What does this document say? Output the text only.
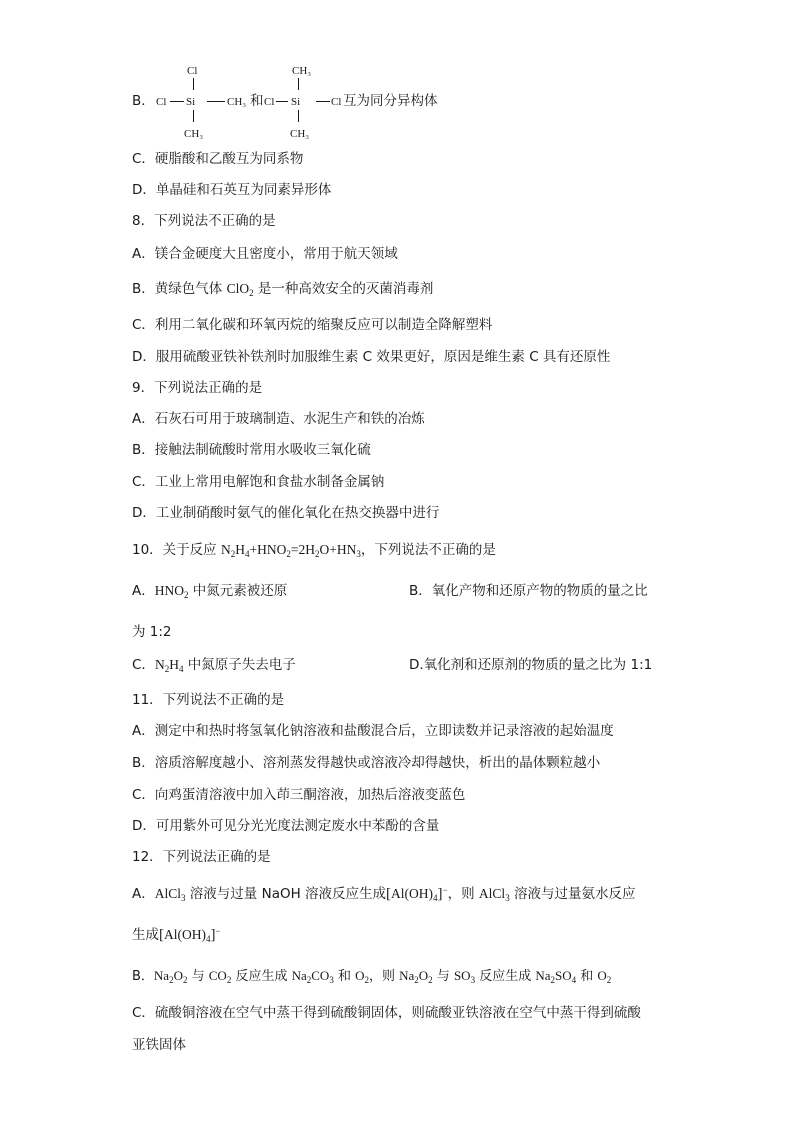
B．
Cl
Cl Si	CH₃
CH₃
和 Cl
CH₃
Si
CH₃
Cl 互为同分异构体
C．硬脂酸和乙酸互为同系物
D．单晶硅和石英互为同素异形体
8．下列说法不正确的是
A．镁合金硬度大且密度小，常用于航天领域
B．黄绿色气体 ClO$_2$ 是一种高效安全的灭菌消毒剂
C．利用二氧化碳和环氧丙烷的缩聚反应可以制造全降解塑料
D．服用硫酸亚铁补铁剂时加服维生素 C 效果更好，原因是维生素 C 具有还原性
9．下列说法正确的是
A．石灰石可用于玻璃制造、水泥生产和铁的冶炼
B．接触法制硫酸时常用水吸收三氧化硫
C．工业上常用电解饱和食盐水制备金属钠
D．工业制硝酸时氨气的催化氧化在热交换器中进行
10．关于反应 $N_2H_4+HNO_2=2H_2O+HN_3$，下列说法不正确的是
A．$HNO_2$ 中氮元素被还原	B．氧化产物和还原产物的物质的量之比
为 1:2
C．$N_2H_4$ 中氮原子失去电子	D.氧化剂和还原剂的物质的量之比为 1:1
11．下列说法不正确的是
A．测定中和热时将氢氧化钠溶液和盐酸混合后，立即读数并记录溶液的起始温度
B．溶质溶解度越小、溶剂蒸发得越快或溶液冷却得越快，析出的晶体颗粒越小
C．向鸡蛋清溶液中加入茚三酮溶液，加热后溶液变蓝色
D．可用紫外可见分光光度法测定废水中苯酚的含量
12．下列说法正确的是
A．AlCl$_3$ 溶液与过量 NaOH 溶液反应生成$[Al(OH)_4]^-$，则 AlCl$_3$ 溶液与过量氨水反应
生成$[Al(OH)_4]^-$
B．$Na_2O_2$ 与 $CO_2$ 反应生成 $Na_2CO_3$ 和 $O_2$，则 $Na_2O_2$ 与 $SO_3$ 反应生成 $Na_2SO_4$ 和 $O_2$
C．硫酸铜溶液在空气中蒸干得到硫酸铜固体，则硫酸亚铁溶液在空气中蒸干得到硫酸
亚铁固体
